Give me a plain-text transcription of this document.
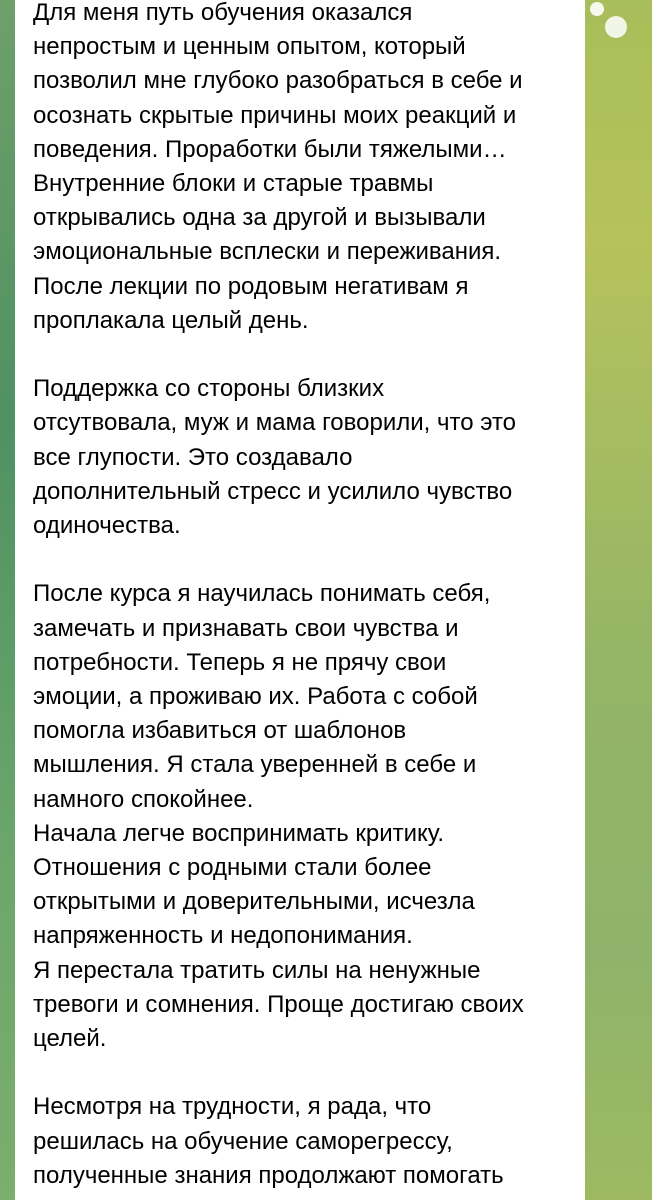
Для меня путь обучения оказался
непростым и ценным опытом, который
позволил мне глубоко разобраться в себе и
осознать скрытые причины моих реакций и
поведения. Проработки были тяжелыми…
Внутренние блоки и старые травмы
открывались одна за другой и вызывали
эмоциональные всплески и переживания.
После лекции по родовым негативам я
проплакала целый день.

Поддержка со стороны близких
отсутвовала, муж и мама говорили, что это
все глупости. Это создавало
дополнительный стресс и усилило чувство
одиночества.

После курса я научилась понимать себя,
замечать и признавать свои чувства и
потребности. Теперь я не прячу свои
эмоции, а проживаю их. Работа с собой
помогла избавиться от шаблонов
мышления. Я стала уверенней в себе и
намного спокойнее.
Начала легче воспринимать критику.
Отношения с родными стали более
открытыми и доверительными, исчезла
напряженность и недопонимания.
Я перестала тратить силы на ненужные
тревоги и сомнения. Проще достигаю своих
целей.

Несмотря на трудности, я рада, что
решилась на обучение саморегрессу,
полученные знания продолжают помогать
